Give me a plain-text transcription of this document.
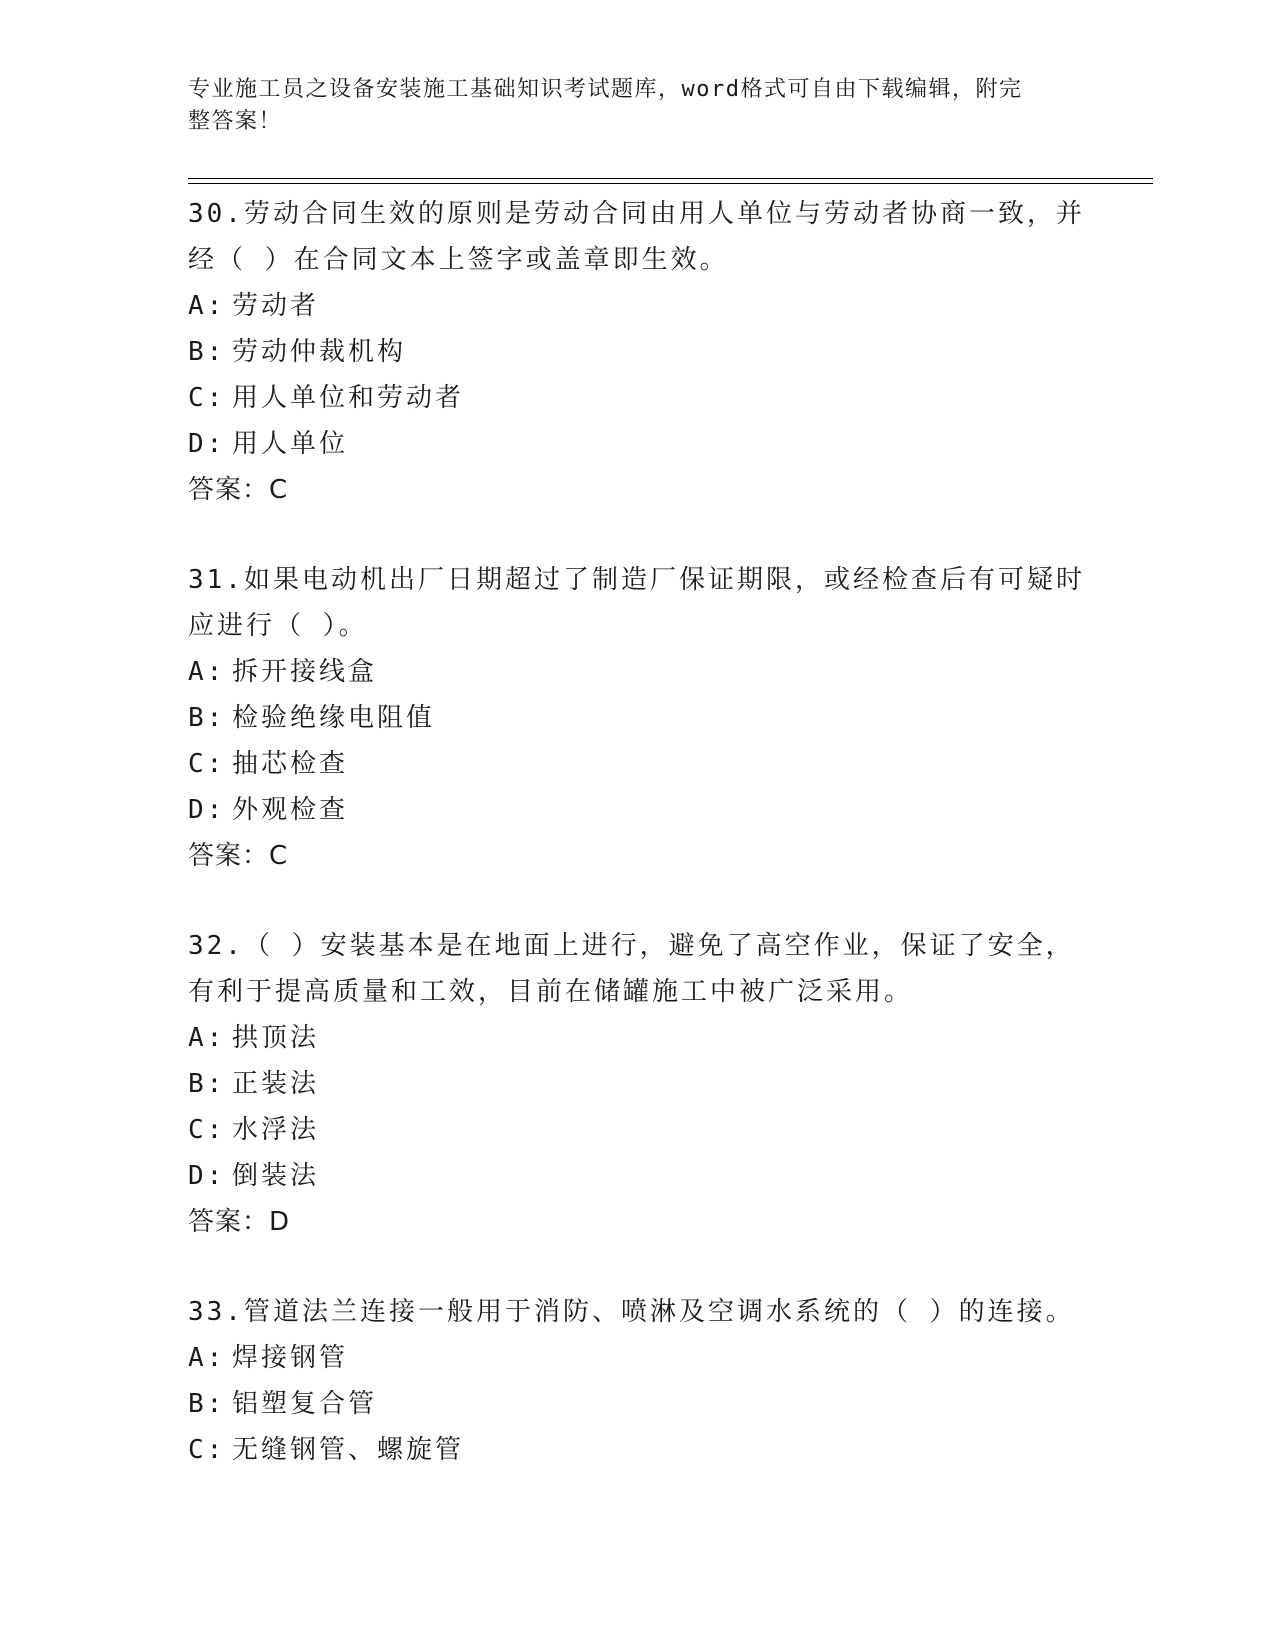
专业施工员之设备安装施工基础知识考试题库，word格式可自由下载编辑，附完
整答案！
30.劳动合同生效的原则是劳动合同由用人单位与劳动者协商一致，并
经（ ）在合同文本上签字或盖章即生效。
A: 劳动者
B: 劳动仲裁机构
C: 用人单位和劳动者
D: 用人单位
答案：C
31.如果电动机出厂日期超过了制造厂保证期限，或经检查后有可疑时
应进行（ ）。
A: 拆开接线盒
B: 检验绝缘电阻值
C: 抽芯检查
D: 外观检查
答案：C
32.（ ）安装基本是在地面上进行，避免了高空作业，保证了安全，
有利于提高质量和工效，目前在储罐施工中被广泛采用。
A: 拱顶法
B: 正装法
C: 水浮法
D: 倒装法
答案：D
33.管道法兰连接一般用于消防、喷淋及空调水系统的（ ）的连接。
A: 焊接钢管
B: 铝塑复合管
C: 无缝钢管、螺旋管
